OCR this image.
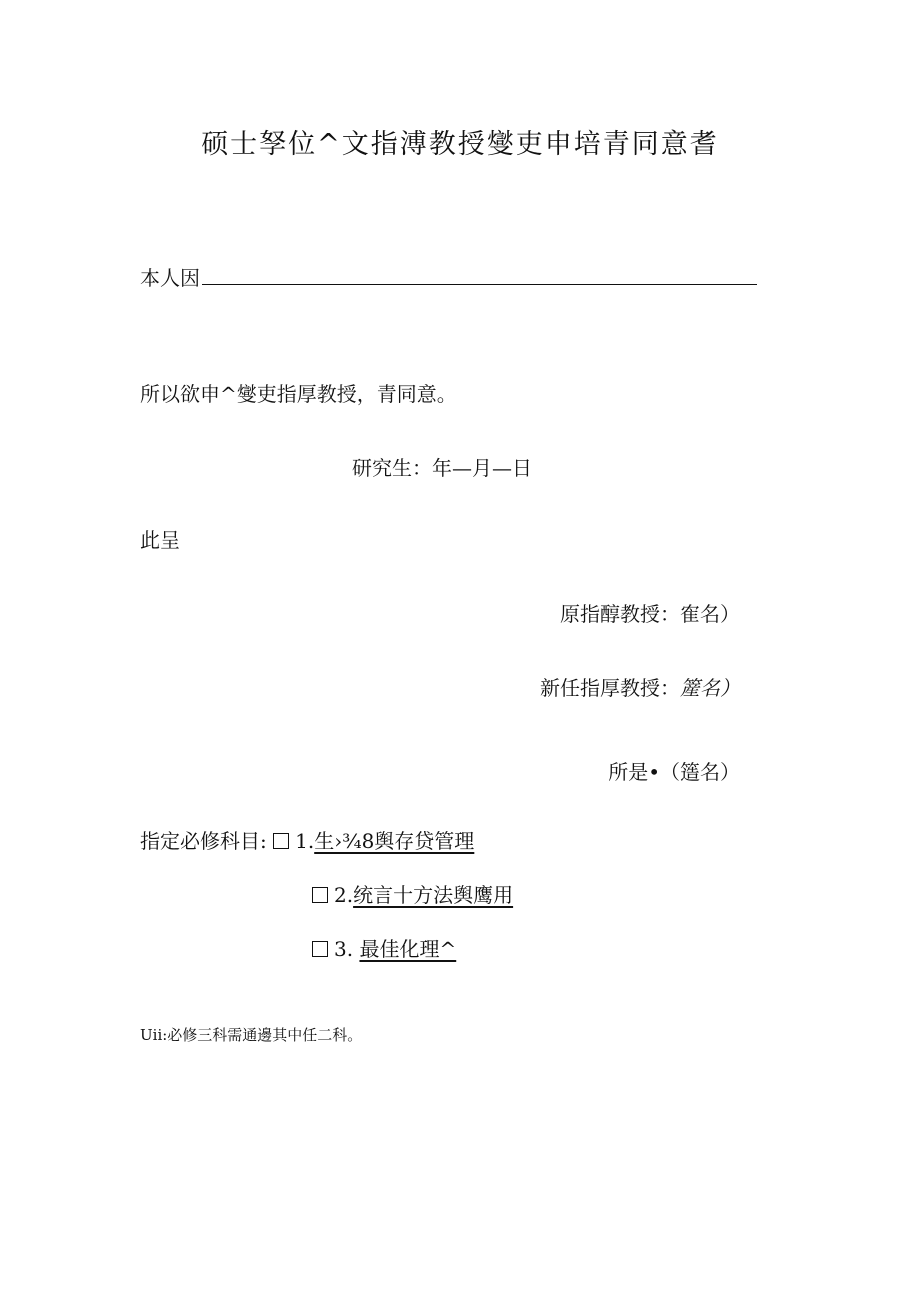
硕士孥位^文指溥教授燮吏申培青同意耆
本人因
所以欲申^燮吏指厚教授，青同意。
研究生：年—月—日
此呈
原指醇教授：隺名）
新任指厚教授：簅名）
所是•（簉名）
指定必修科目: 1.生›¾8舆存贷管理
2.统言十方法舆鹰用
3. 最佳化理^
Uii:必修三科需通邊其中任二科。
